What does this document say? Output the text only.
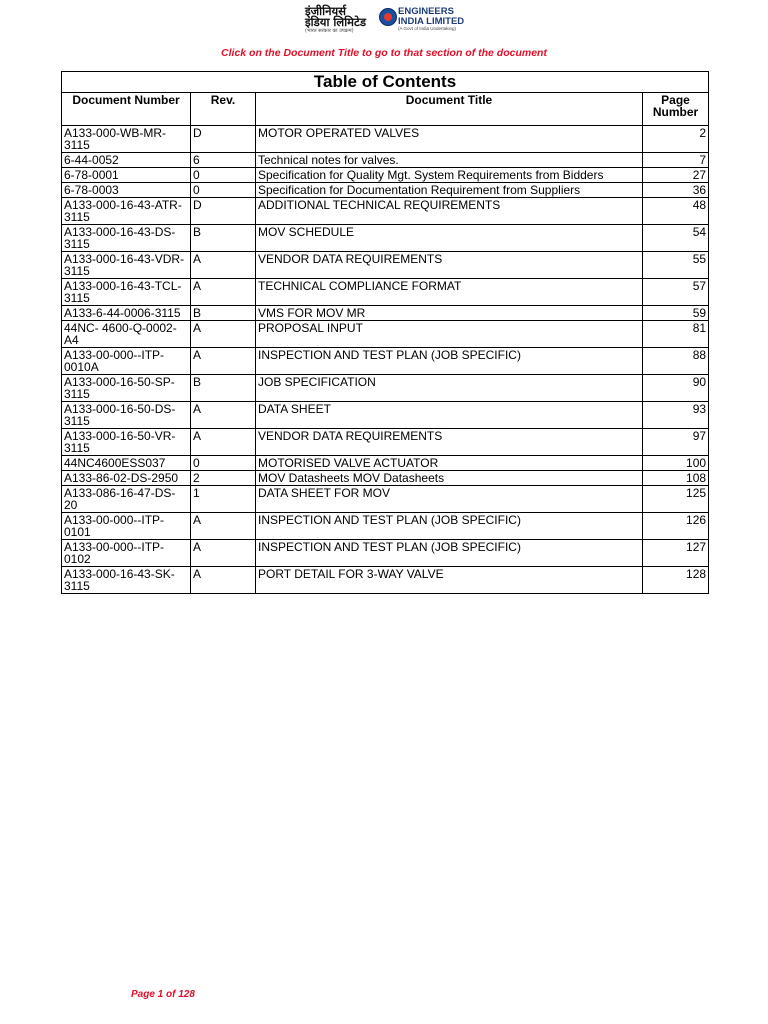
इंजीनियर्स
इंडिया लिमिटेड
(भारत सरकार का उपक्रम)
ENGINEERS
INDIA LIMITED
(A Govt of India Undertaking)
Click on the Document Title to go to that section of the document
Table of Contents			
Document Number	Rev.	Document Title	Page Number
A133-000-WB-MR-3115	D	MOTOR OPERATED VALVES	2
6-44-0052	6	Technical notes for valves.	7
6-78-0001	0	Specification for Quality Mgt. System Requirements from Bidders	27
6-78-0003	0	Specification for Documentation Requirement from Suppliers	36
A133-000-16-43-ATR-3115	D	ADDITIONAL TECHNICAL REQUIREMENTS	48
A133-000-16-43-DS-3115	B	MOV SCHEDULE	54
A133-000-16-43-VDR-3115	A	VENDOR DATA REQUIREMENTS	55
A133-000-16-43-TCL-3115	A	TECHNICAL COMPLIANCE FORMAT	57
A133-6-44-0006-3115	B	VMS FOR MOV MR	59
44NC- 4600-Q-0002-A4	A	PROPOSAL INPUT	81
A133-00-000--ITP-0010A	A	INSPECTION AND TEST PLAN (JOB SPECIFIC)	88
A133-000-16-50-SP-3115	B	JOB SPECIFICATION	90
A133-000-16-50-DS-3115	A	DATA SHEET	93
A133-000-16-50-VR-3115	A	VENDOR DATA REQUIREMENTS	97
44NC4600ESS037	0	MOTORISED VALVE ACTUATOR	100
A133-86-02-DS-2950	2	MOV Datasheets MOV Datasheets	108
A133-086-16-47-DS-20	1	DATA SHEET FOR MOV	125
A133-00-000--ITP-0101	A	INSPECTION AND TEST PLAN (JOB SPECIFIC)	126
A133-00-000--ITP-0102	A	INSPECTION AND TEST PLAN (JOB SPECIFIC)	127
A133-000-16-43-SK-3115	A	PORT DETAIL FOR 3-WAY VALVE	128
Page 1 of 128
